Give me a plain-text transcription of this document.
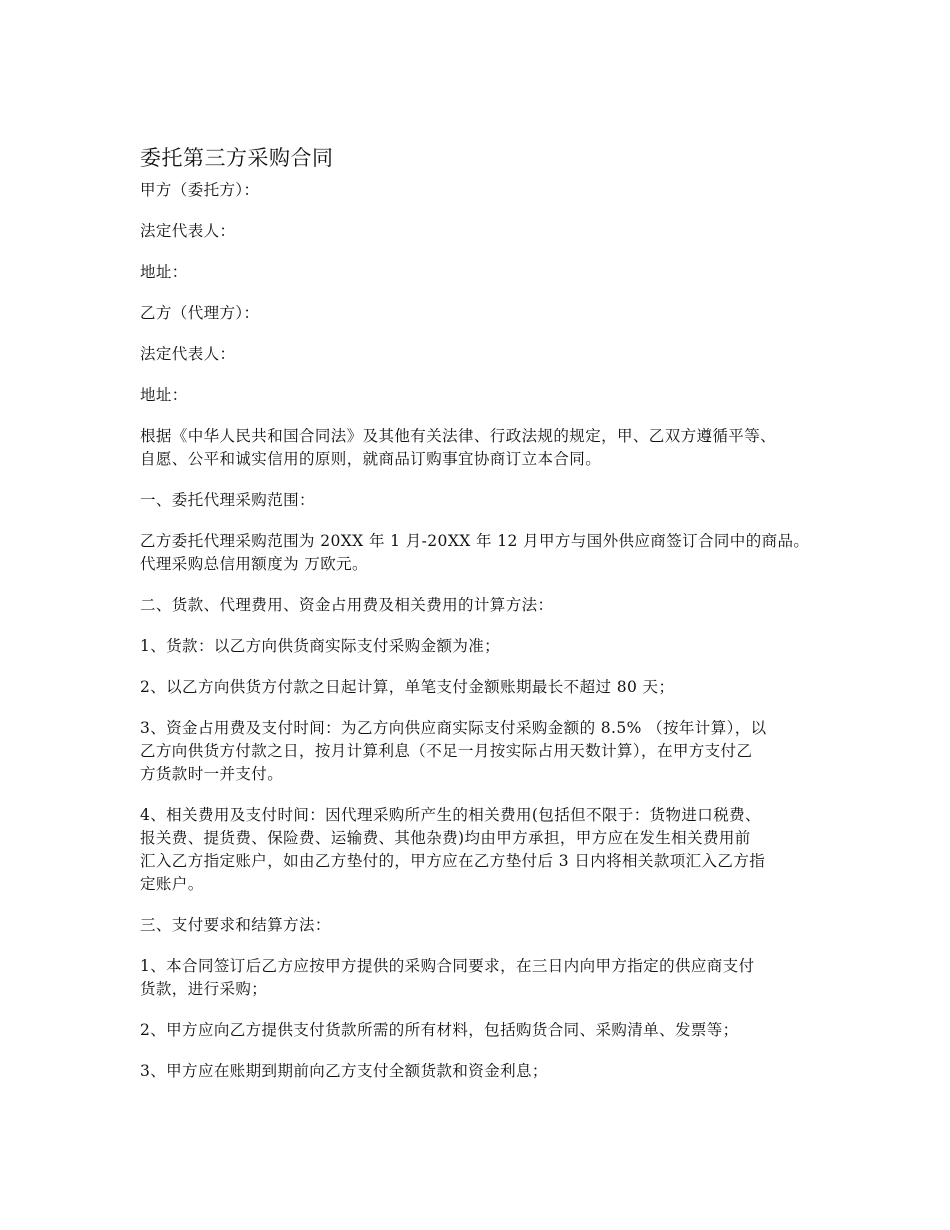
委托第三方采购合同
甲方（委托方）：
法定代表人：
地址：
乙方（代理方）：
法定代表人：
地址：
根据《中华人民共和国合同法》及其他有关法律、行政法规的规定，甲、乙双方遵循平等、
自愿、公平和诚实信用的原则，就商品订购事宜协商订立本合同。
一、委托代理采购范围：
乙方委托代理采购范围为 20XX 年 1 月-20XX 年 12 月甲方与国外供应商签订合同中的商品。
代理采购总信用额度为 万欧元。
二、货款、代理费用、资金占用费及相关费用的计算方法：
1、货款：以乙方向供货商实际支付采购金额为准；
2、以乙方向供货方付款之日起计算，单笔支付金额账期最长不超过 80 天；
3、资金占用费及支付时间：为乙方向供应商实际支付采购金额的 8.5% （按年计算），以
乙方向供货方付款之日，按月计算利息（不足一月按实际占用天数计算），在甲方支付乙
方货款时一并支付。
4、相关费用及支付时间：因代理采购所产生的相关费用(包括但不限于：货物进口税费、
报关费、提货费、保险费、运输费、其他杂费)均由甲方承担，甲方应在发生相关费用前
汇入乙方指定账户，如由乙方垫付的，甲方应在乙方垫付后 3 日内将相关款项汇入乙方指
定账户。
三、支付要求和结算方法：
1、本合同签订后乙方应按甲方提供的采购合同要求，在三日内向甲方指定的供应商支付
货款，进行采购；
2、甲方应向乙方提供支付货款所需的所有材料，包括购货合同、采购清单、发票等；
3、甲方应在账期到期前向乙方支付全额货款和资金利息；
